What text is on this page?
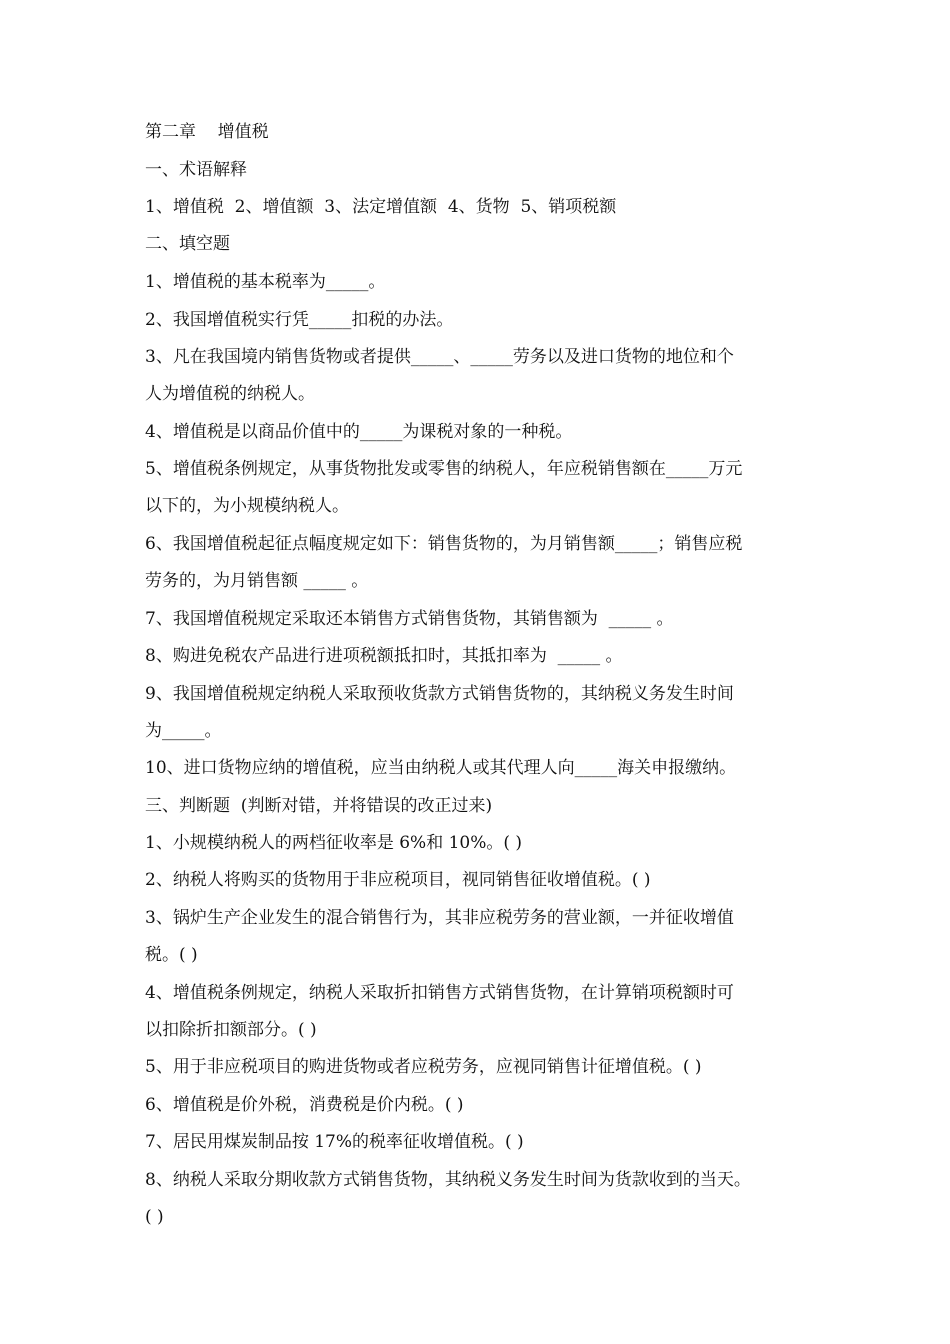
第二章    增值税
一、术语解释
1、增值税  2、增值额  3、法定增值额  4、货物  5、销项税额
二、填空题
1、增值税的基本税率为_____。
2、我国增值税实行凭_____扣税的办法。
3、凡在我国境内销售货物或者提供_____、_____劳务以及进口货物的地位和个
人为增值税的纳税人。
4、增值税是以商品价值中的_____为课税对象的一种税。
5、增值税条例规定，从事货物批发或零售的纳税人，年应税销售额在_____万元
以下的，为小规模纳税人。
6、我国增值税起征点幅度规定如下：销售货物的，为月销售额_____；销售应税
劳务的，为月销售额 _____ 。
7、我国增值税规定采取还本销售方式销售货物，其销售额为  _____ 。
8、购进免税农产品进行进项税额抵扣时，其抵扣率为  _____ 。
9、我国增值税规定纳税人采取预收货款方式销售货物的，其纳税义务发生时间
为_____。
10、进口货物应纳的增值税，应当由纳税人或其代理人向_____海关申报缴纳。
三、判断题  (判断对错，并将错误的改正过来)
1、小规模纳税人的两档征收率是 6%和 10%。( )
2、纳税人将购买的货物用于非应税项目，视同销售征收增值税。( )
3、锅炉生产企业发生的混合销售行为，其非应税劳务的营业额，一并征收增值
税。( )
4、增值税条例规定，纳税人采取折扣销售方式销售货物，在计算销项税额时可
以扣除折扣额部分。( )
5、用于非应税项目的购进货物或者应税劳务，应视同销售计征增值税。( )
6、增值税是价外税，消费税是价内税。( )
7、居民用煤炭制品按 17%的税率征收增值税。( )
8、纳税人采取分期收款方式销售货物，其纳税义务发生时间为货款收到的当天。
( )
